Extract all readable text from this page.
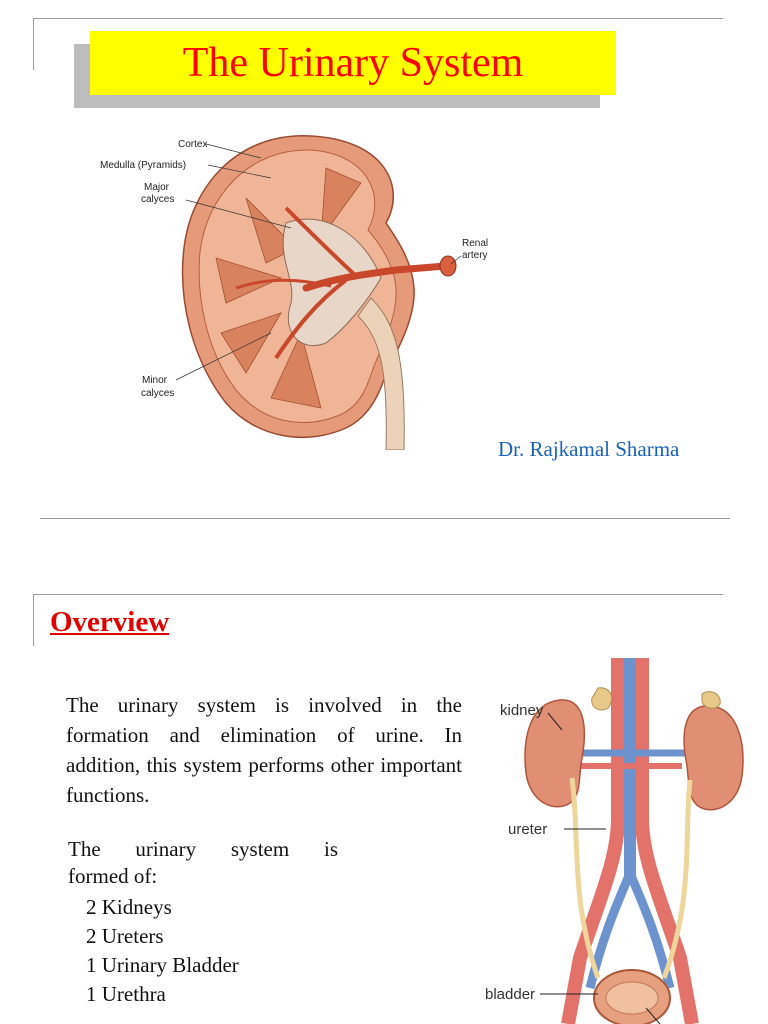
The Urinary System
Cortex
Medulla (Pyramids)
Major
calyces
Renal
artery
Minor
calyces
Dr. Rajkamal Sharma
Overview
The urinary system is involved in the formation and elimination of urine. In addition, this system performs other important functions.
The urinary system is
formed of:
2 Kidneys
2 Ureters
1 Urinary Bladder
1 Urethra
kidney
ureter
bladder
